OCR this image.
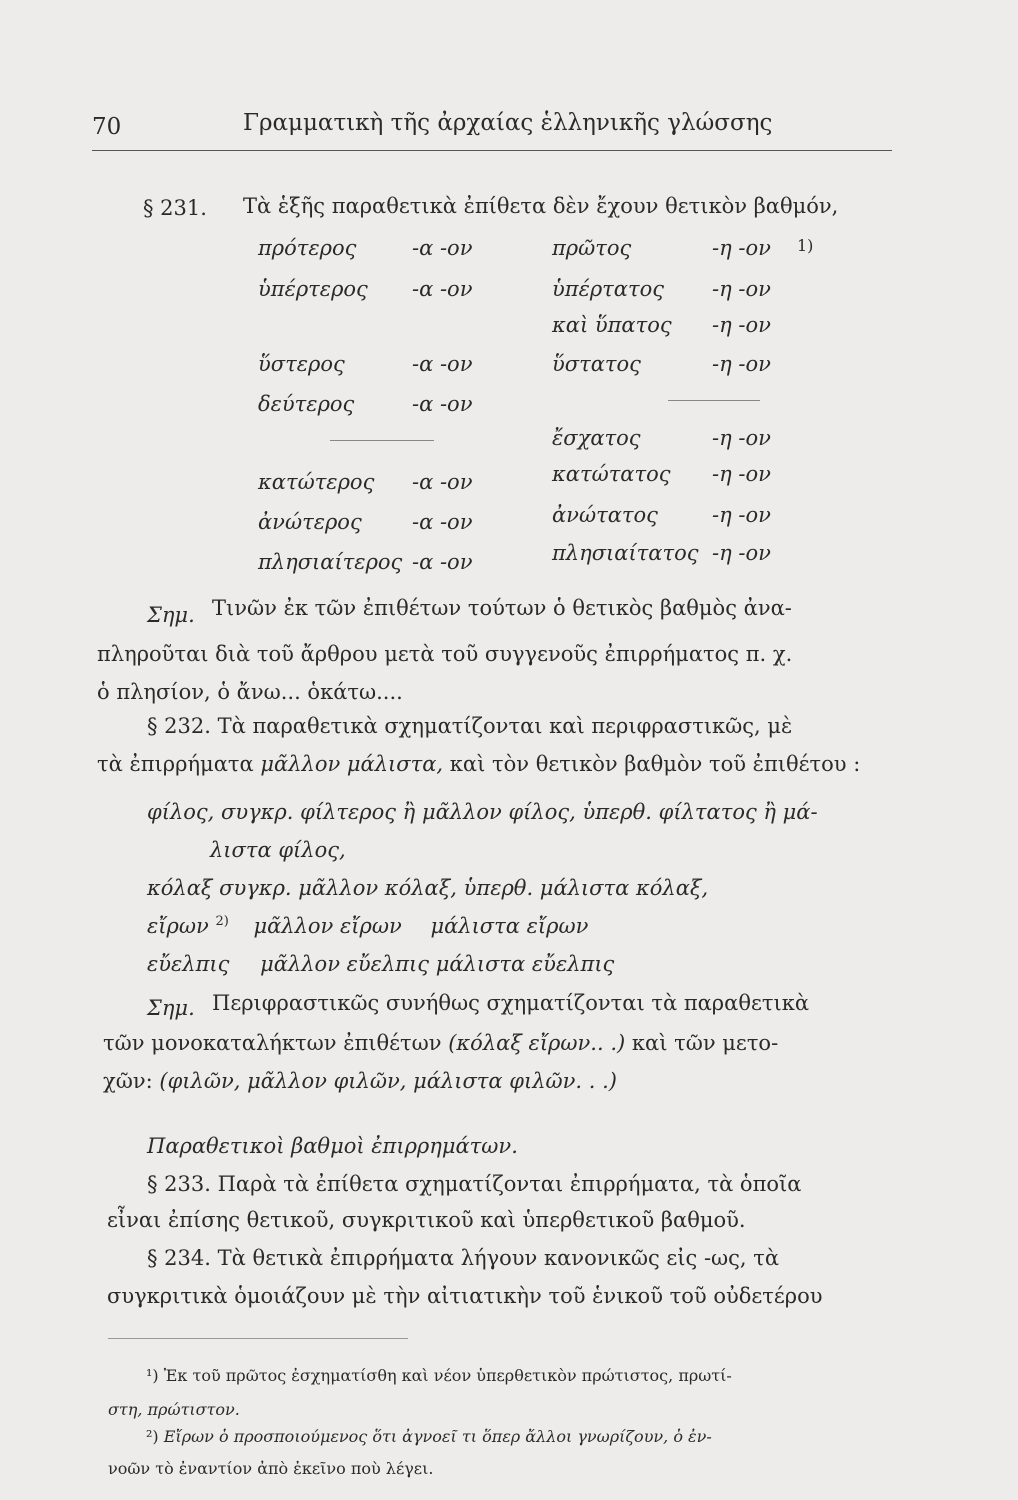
70	Γραμματικὴ τῆς ἀρχαίας ἑλληνικῆς γλώσσης
§ 231. Τὰ ἑξῆς παραθετικὰ ἐπίθετα δὲν ἔχουν θετικὸν βαθμόν,
πρότερος	-α -ον	πρῶτος	-η -ον 1)
ὑπέρτερος -α -ον	ὑπέρτατος -η -ον
καὶ ὕπατος -η -ον
ὕστερος	-α -ον	ὕστατος	-η -ον
δεύτερος	-α -ον
ἔσχατος	-η -ον
κατώτερος -α -ον	κατώτατος -η -ον
ἀνώτερος -α -ον	ἀνώτατος	-η -ον
πλησιαίτερος -α -ον	πλησιαίτατος -η -ον
Σημ. Τινῶν ἐκ τῶν ἐπιθέτων τούτων ὁ θετικὸς βαθμὸς ἀνα-
πληροῦται διὰ τοῦ ἄρθρου μετὰ τοῦ συγγενοῦς ἐπιρρήματος π. χ.
ὁ πλησίον, ὁ ἄνω... ὁκάτω....
§ 232. Τὰ παραθετικὰ σχηματίζονται καὶ περιφραστικῶς, μὲ
τὰ ἐπιρρήματα μᾶλλον μάλιστα, καὶ τὸν θετικὸν βαθμὸν τοῦ ἐπιθέτου :
φίλος, συγκρ. φίλτερος ἢ μᾶλλον φίλος, ὑπερθ. φίλτατος ἢ μά-
λιστα φίλος,
κόλαξ συγκρ. μᾶλλον κόλαξ, ὑπερθ. μάλιστα κόλαξ,
εἴρων $^{2)}$ μᾶλλον εἴρων μάλιστα εἴρων
εὔελπις μᾶλλον εὔελπις μάλιστα εὔελπις
Σημ. Περιφραστικῶς συνήθως σχηματίζονται τὰ παραθετικὰ
τῶν μονοκαταλήκτων ἐπιθέτων (κόλαξ εἴρων.. .) καὶ τῶν μετο-
χῶν: (φιλῶν, μᾶλλον φιλῶν, μάλιστα φιλῶν. . .)
Παραθετικοὶ βαθμοὶ ἐπιρρημάτων.
§ 233. Παρὰ τὰ ἐπίθετα σχηματίζονται ἐπιρρήματα, τὰ ὁποῖα
εἶναι ἐπίσης θετικοῦ, συγκριτικοῦ καὶ ὑπερθετικοῦ βαθμοῦ.
§ 234. Τὰ θετικὰ ἐπιρρήματα λήγουν κανονικῶς εἰς -ως, τὰ
συγκριτικὰ ὁμοιάζουν μὲ τὴν αἰτιατικὴν τοῦ ἑνικοῦ τοῦ οὐδετέρου
¹) Ἐκ τοῦ πρῶτος ἐσχηματίσθη καὶ νέον ὑπερθετικὸν πρώτιστος, πρωτί-
στη, πρώτιστον.
²) Εἴρων ὁ προσποιούμενος ὅτι ἀγνοεῖ τι ὅπερ ἄλλοι γνωρίζουν, ὁ ἐν-
νοῶν τὸ ἐναντίον ἀπὸ ἐκεῖνο ποὺ λέγει.
